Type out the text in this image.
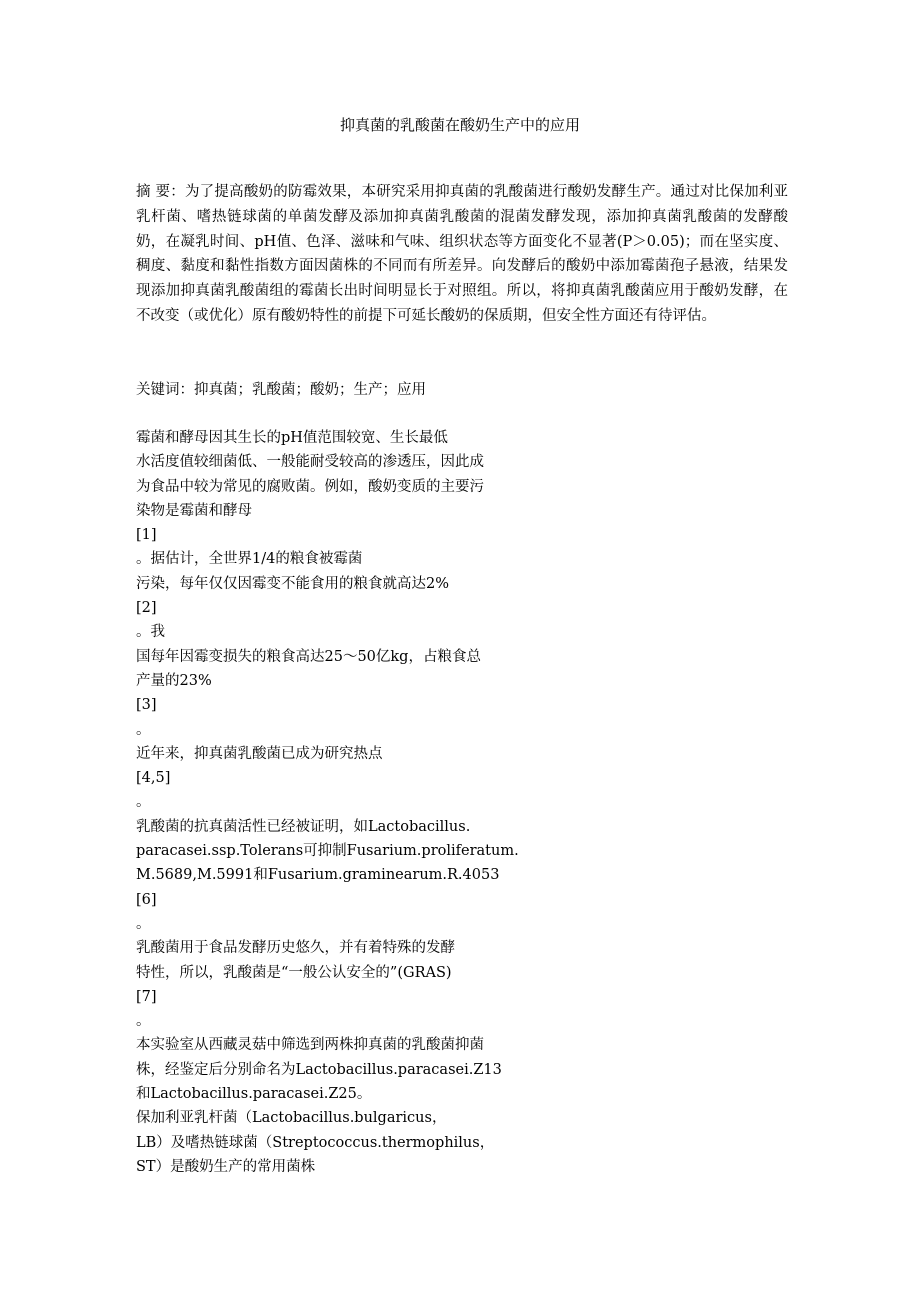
抑真菌的乳酸菌在酸奶生产中的应用

摘 要：为了提高酸奶的防霉效果，本研究采用抑真菌的乳酸菌进行酸奶发酵生产。通过对比保加利亚乳杆菌、嗜热链球菌的单菌发酵及添加抑真菌乳酸菌的混菌发酵发现，添加抑真菌乳酸菌的发酵酸奶，在凝乳时间、pH值、色泽、滋味和气味、组织状态等方面变化不显著(P＞0.05)；而在坚实度、稠度、黏度和黏性指数方面因菌株的不同而有所差异。向发酵后的酸奶中添加霉菌孢子悬液，结果发现添加抑真菌乳酸菌组的霉菌长出时间明显长于对照组。所以，将抑真菌乳酸菌应用于酸奶发酵，在不改变（或优化）原有酸奶特性的前提下可延长酸奶的保质期，但安全性方面还有待评估。

关键词：抑真菌；乳酸菌；酸奶；生产；应用
霉菌和酵母因其生长的pH值范围较宽、生长最低
水活度值较细菌低、一般能耐受较高的渗透压，因此成
为食品中较为常见的腐败菌。例如，酸奶变质的主要污
染物是霉菌和酵母
[1]
。据估计，全世界1/4的粮食被霉菌
污染，每年仅仅因霉变不能食用的粮食就高达2%
[2]
。我
国每年因霉变损失的粮食高达25～50亿kg，占粮食总
产量的23%
[3]
。
近年来，抑真菌乳酸菌已成为研究热点
[4,5]
。
乳酸菌的抗真菌活性已经被证明，如Lactobacillus.
paracasei.ssp.Tolerans可抑制Fusarium.proliferatum.
M.5689,M.5991和Fusarium.graminearum.R.4053
[6]
。
乳酸菌用于食品发酵历史悠久，并有着特殊的发酵
特性，所以，乳酸菌是“一般公认安全的”(GRAS)
[7]
。
本实验室从西藏灵菇中筛选到两株抑真菌的乳酸菌抑菌
株，经鉴定后分别命名为Lactobacillus.paracasei.Z13
和Lactobacillus.paracasei.Z25。
保加利亚乳杆菌（Lactobacillus.bulgaricus，
LB）及嗜热链球菌（Streptococcus.thermophilus，
ST）是酸奶生产的常用菌株
